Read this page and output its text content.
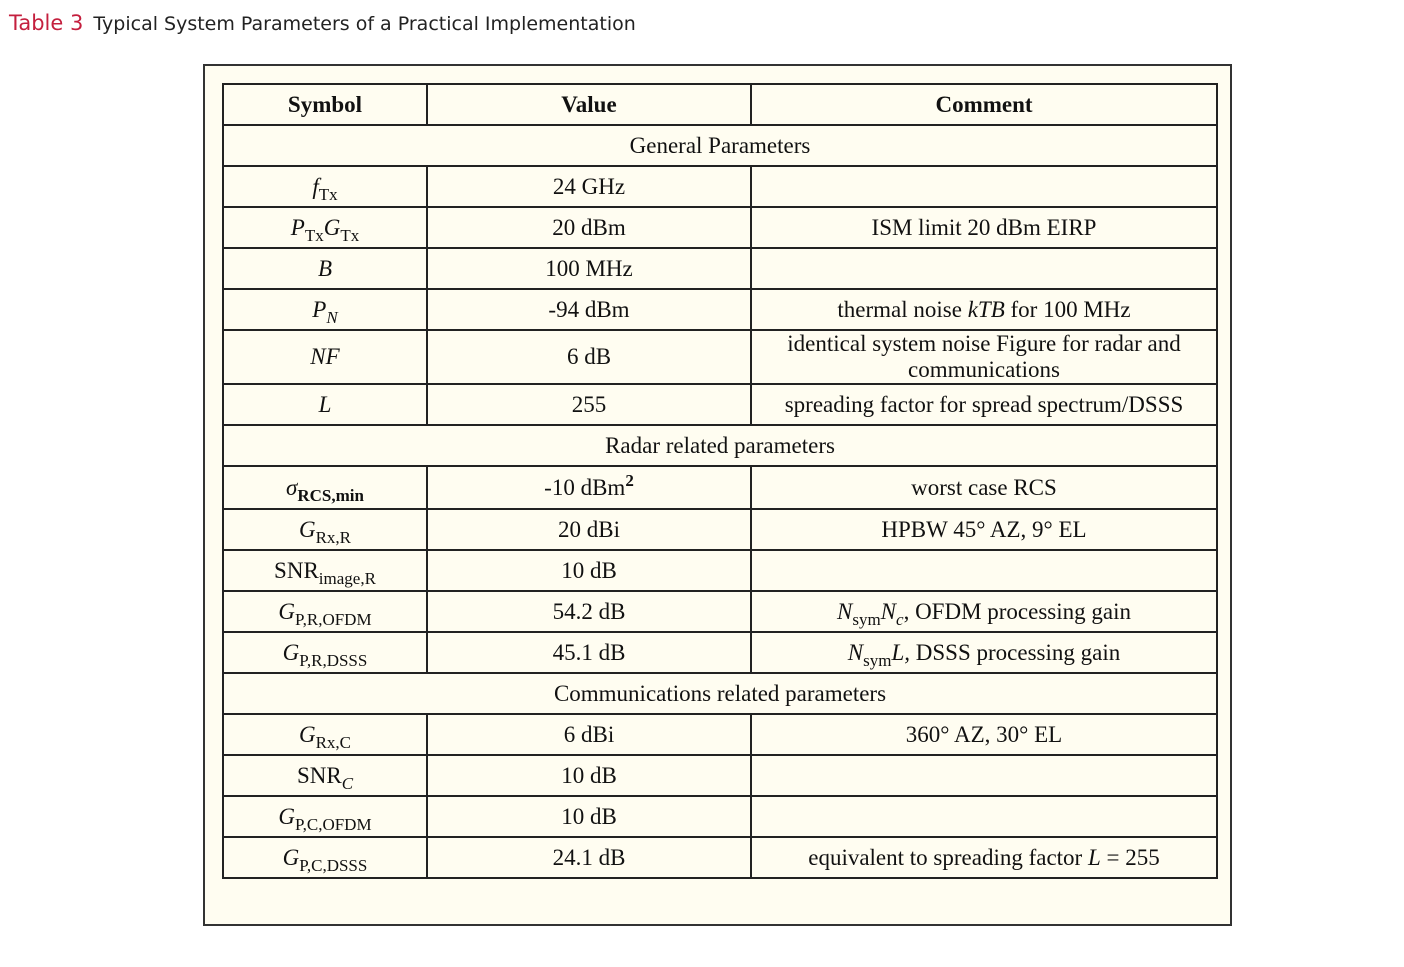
Table 3 Typical System Parameters of a Practical Implementation
Symbol	Value	Comment
General Parameters		
$f_{Tx}$	24 GHz	
$P_{Tx}G_{Tx}$	20 dBm	ISM limit 20 dBm EIRP
B	100 MHz	
$P_N$	-94 dBm	thermal noise kTB for 100 MHz
NF	6 dB	identical system noise Figure for radar and communications
L	255	spreading factor for spread spectrum/DSSS
Radar related parameters		
$\sigma_{RCS,min}$	-10 dBm$^2$	worst case RCS
$G_{Rx,R}$	20 dBi	HPBW 45° AZ, 9° EL
$SNR_{image,R}$	10 dB	
$G_{P,R,OFDM}$	54.2 dB	$N_{sym}N_c$, OFDM processing gain
$G_{P,R,DSSS}$	45.1 dB	$N_{sym}L$, DSSS processing gain
Communications related parameters		
$G_{Rx,C}$	6 dBi	360° AZ, 30° EL
$SNR_C$	10 dB	
$G_{P,C,OFDM}$	10 dB	
$G_{P,C,DSSS}$	24.1 dB	equivalent to spreading factor L = 255
